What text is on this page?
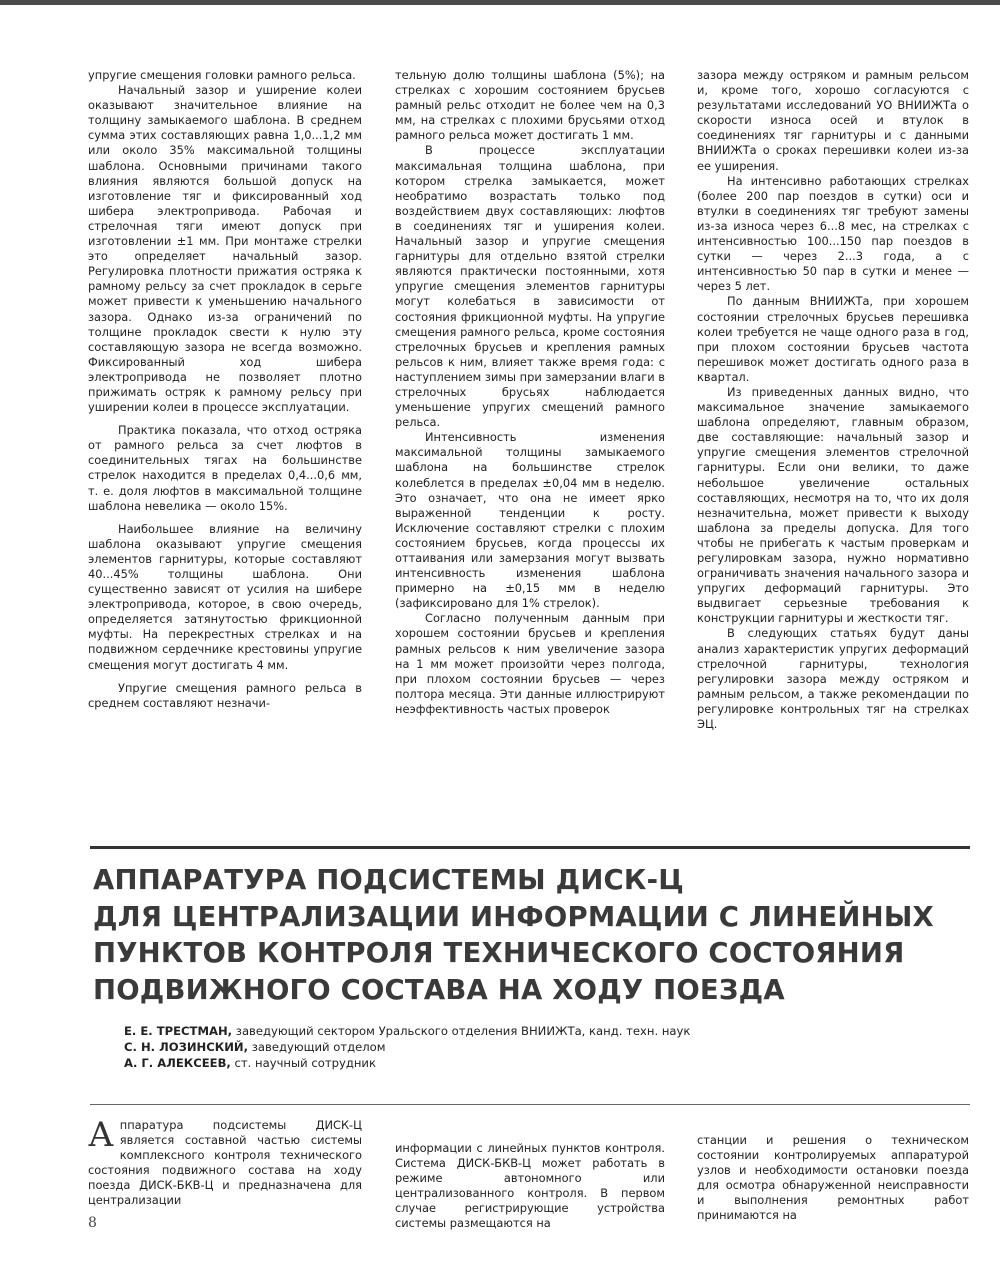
упругие смещения головки рамного рельса.

Начальный зазор и уширение колеи оказывают значительное влияние на толщину замыкаемого шаблона. В среднем сумма этих составляющих равна 1,0...1,2 мм или около 35% максимальной толщины шаблона. Основными причинами такого влияния являются большой допуск на изготовление тяг и фиксированный ход шибера электропривода. Рабочая и стрелочная тяги имеют допуск при изготовлении ±1 мм. При монтаже стрелки это определяет начальный зазор. Регулировка плотности прижатия остряка к рамному рельсу за счет прокладок в серьге может привести к уменьшению начального зазора. Однако из-за ограничений по толщине прокладок свести к нулю эту составляющую зазора не всегда возможно. Фиксированный ход шибера электропривода не позволяет плотно прижимать остряк к рамному рельсу при уширении колеи в процессе эксплуатации.

Практика показала, что отход остряка от рамного рельса за счет люфтов в соединительных тягах на большинстве стрелок находится в пределах 0,4...0,6 мм, т. е. доля люфтов в максимальной толщине шаблона невелика — около 15%.

Наибольшее влияние на величину шаблона оказывают упругие смещения элементов гарнитуры, которые составляют 40...45% толщины шаблона. Они существенно зависят от усилия на шибере электропривода, которое, в свою очередь, определяется затянутостью фрикционной муфты. На перекрестных стрелках и на подвижном сердечнике крестовины упругие смещения могут достигать 4 мм.

Упругие смещения рамного рельса в среднем составляют незначи-

тельную долю толщины шаблона (5%); на стрелках с хорошим состоянием брусьев рамный рельс отходит не более чем на 0,3 мм, на стрелках с плохими брусьями отход рамного рельса может достигать 1 мм.

В процессе эксплуатации максимальная толщина шаблона, при котором стрелка замыкается, может необратимо возрастать только под воздействием двух составляющих: люфтов в соединениях тяг и уширения колеи. Начальный зазор и упругие смещения гарнитуры для отдельно взятой стрелки являются практически постоянными, хотя упругие смещения элементов гарнитуры могут колебаться в зависимости от состояния фрикционной муфты. На упругие смещения рамного рельса, кроме состояния стрелочных брусьев и крепления рамных рельсов к ним, влияет также время года: с наступлением зимы при замерзании влаги в стрелочных брусьях наблюдается уменьшение упругих смещений рамного рельса.

Интенсивность изменения максимальной толщины замыкаемого шаблона на большинстве стрелок колеблется в пределах ±0,04 мм в неделю. Это означает, что она не имеет ярко выраженной тенденции к росту. Исключение составляют стрелки с плохим состоянием брусьев, когда процессы их оттаивания или замерзания могут вызвать интенсивность изменения шаблона примерно на ±0,15 мм в неделю (зафиксировано для 1% стрелок).

Согласно полученным данным при хорошем состоянии брусьев и крепления рамных рельсов к ним увеличение зазора на 1 мм может произойти через полгода, при плохом состоянии брусьев — через полтора месяца. Эти данные иллюстрируют неэффективность частых проверок

зазора между остряком и рамным рельсом и, кроме того, хорошо согласуются с результатами исследований УО ВНИИЖТа о скорости износа осей и втулок в соединениях тяг гарнитуры и с данными ВНИИЖТа о сроках перешивки колеи из-за ее уширения.

На интенсивно работающих стрелках (более 200 пар поездов в сутки) оси и втулки в соединениях тяг требуют замены из-за износа через 6...8 мес, на стрелках с интенсивностью 100...150 пар поездов в сутки — через 2...3 года, а с интенсивностью 50 пар в сутки и менее — через 5 лет.

По данным ВНИИЖТа, при хорошем состоянии стрелочных брусьев перешивка колеи требуется не чаще одного раза в год, при плохом состоянии брусьев частота перешивок может достигать одного раза в квартал.

Из приведенных данных видно, что максимальное значение замыкаемого шаблона определяют, главным образом, две составляющие: начальный зазор и упругие смещения элементов стрелочной гарнитуры. Если они велики, то даже небольшое увеличение остальных составляющих, несмотря на то, что их доля незначительна, может привести к выходу шаблона за пределы допуска. Для того чтобы не прибегать к частым проверкам и регулировкам зазора, нужно нормативно ограничивать значения начального зазора и упругих деформаций гарнитуры. Это выдвигает серьезные требования к конструкции гарнитуры и жесткости тяг.

В следующих статьях будут даны анализ характеристик упругих деформаций стрелочной гарнитуры, технология регулировки зазора между остряком и рамным рельсом, а также рекомендации по регулировке контрольных тяг на стрелках ЭЦ.

АППАРАТУРА ПОДСИСТЕМЫ ДИСК-Ц
ДЛЯ ЦЕНТРАЛИЗАЦИИ ИНФОРМАЦИИ С ЛИНЕЙНЫХ
ПУНКТОВ КОНТРОЛЯ ТЕХНИЧЕСКОГО СОСТОЯНИЯ
ПОДВИЖНОГО СОСТАВА НА ХОДУ ПОЕЗДА
Е. Е. ТРЕСТМАН, заведующий сектором Уральского отделения ВНИИЖТа, канд. техн. наук
С. Н. ЛОЗИНСКИЙ, заведующий отделом
А. Г. АЛЕКСЕЕВ, ст. научный сотрудник

Аппаратура подсистемы ДИСК-Ц является составной частью системы комплексного контроля технического состояния подвижного состава на ходу поезда ДИСК-БКВ-Ц и предназначена для централизации

информации с линейных пунктов контроля. Система ДИСК-БКВ-Ц может работать в режиме автономного или централизованного контроля. В первом случае регистрирующие устройства системы размещаются на

станции и решения о техническом состоянии контролируемых аппаратурой узлов и необходимости остановки поезда для осмотра обнаруженной неисправности и выполнения ремонтных работ принимаются на

8
